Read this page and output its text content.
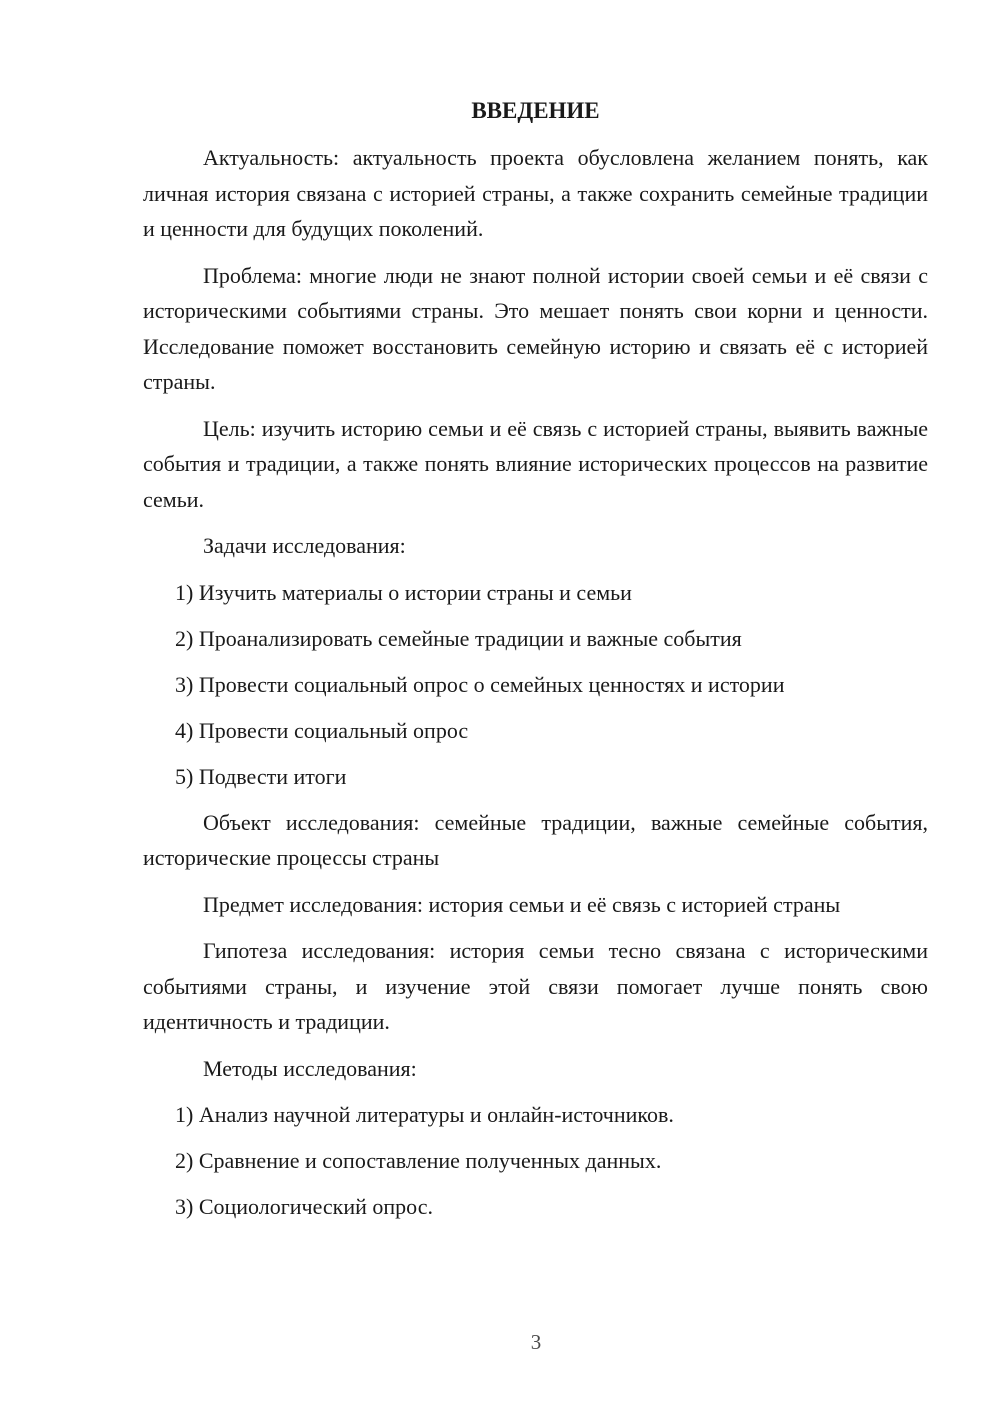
ВВЕДЕНИЕ

Актуальность: актуальность проекта обусловлена желанием понять, как личная история связана с историей страны, а также сохранить семейные традиции и ценности для будущих поколений.

Проблема: многие люди не знают полной истории своей семьи и её связи с историческими событиями страны. Это мешает понять свои корни и ценности. Исследование поможет восстановить семейную историю и связать её с историей страны.

Цель: изучить историю семьи и её связь с историей страны, выявить важные события и традиции, а также понять влияние исторических процессов на развитие семьи.

Задачи исследования:

1) Изучить материалы о истории страны и семьи
2) Проанализировать семейные традиции и важные события
3) Провести социальный опрос о семейных ценностях и истории
4) Провести социальный опрос
5) Подвести итоги

Объект исследования: семейные традиции, важные семейные события, исторические процессы страны

Предмет исследования: история семьи и её связь с историей страны

Гипотеза исследования: история семьи тесно связана с историческими событиями страны, и изучение этой связи помогает лучше понять свою идентичность и традиции.

Методы исследования:

1) Анализ научной литературы и онлайн-источников.
2) Сравнение и сопоставление полученных данных.
3) Социологический опрос.
3
